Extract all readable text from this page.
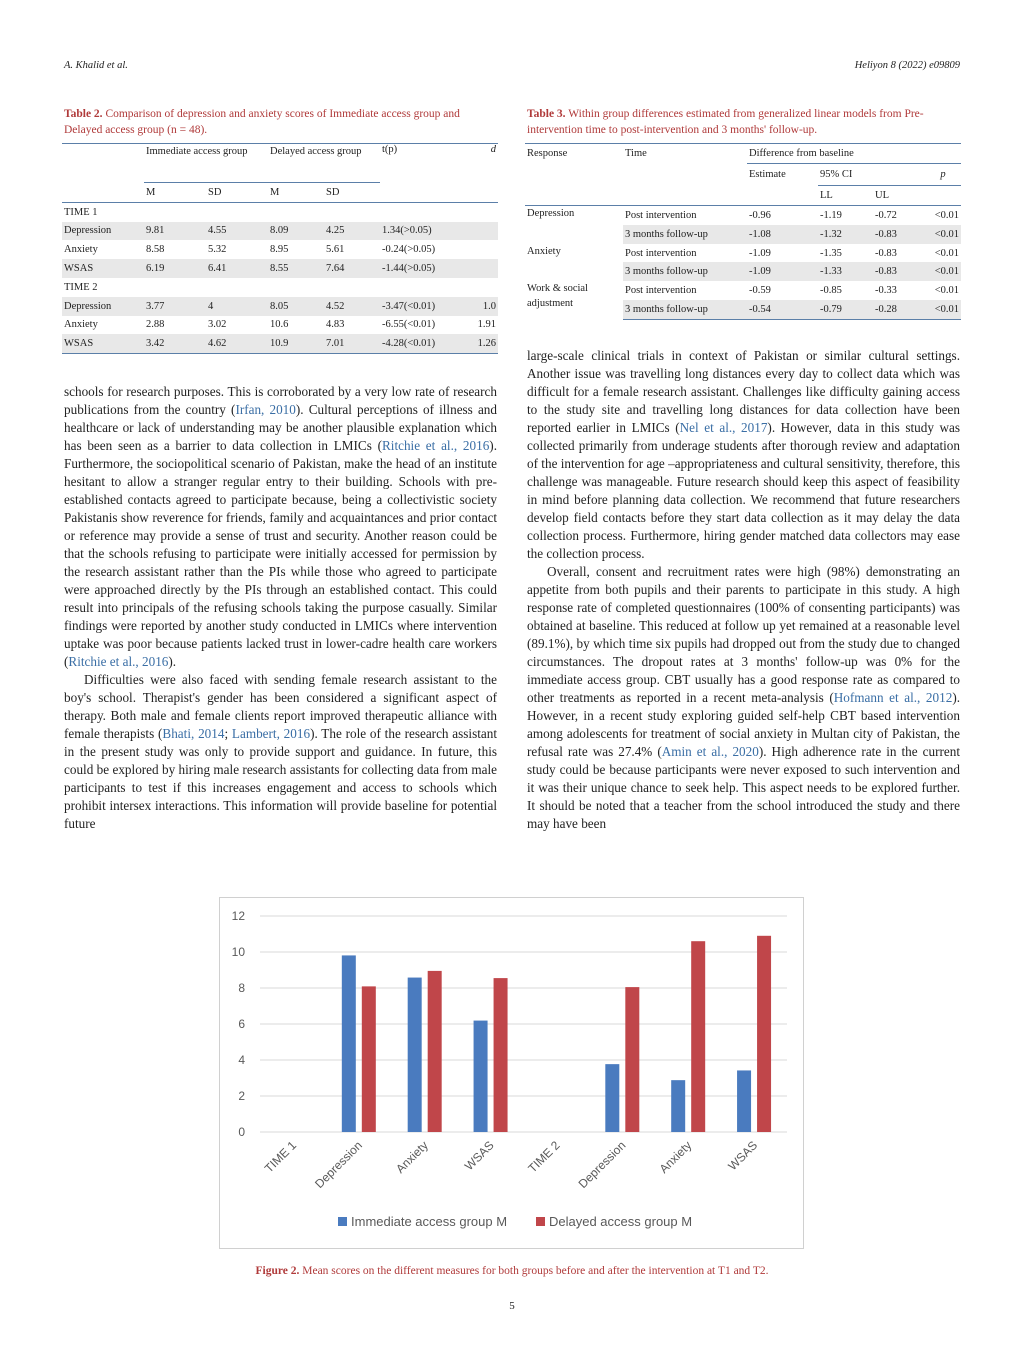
A. Khalid et al.	Heliyon 8 (2022) e09809
Table 2. Comparison of depression and anxiety scores of Immediate access group and Delayed access group (n = 48).
	Immediate access group		Delayed access group		t(p)	d
	M	SD	M	SD		
TIME 1						
Depression	9.81	4.55	8.09	4.25	1.34(>0.05)	
Anxiety	8.58	5.32	8.95	5.61	-0.24(>0.05)	
WSAS	6.19	6.41	8.55	7.64	-1.44(>0.05)	
TIME 2						
Depression	3.77	4	8.05	4.52	-3.47(<0.01)	1.0
Anxiety	2.88	3.02	10.6	4.83	-6.55(<0.01)	1.91
WSAS	3.42	4.62	10.9	7.01	-4.28(<0.01)	1.26
Table 3. Within group differences estimated from generalized linear models from Pre-intervention time to post-intervention and 3 months' follow-up.
Response	Time	Difference from baseline			
		Estimate	95% CI		p
			LL	UL	
Depression	Post intervention	-0.96	-1.19	-0.72	<0.01
	3 months follow-up	-1.08	-1.32	-0.83	<0.01
Anxiety	Post intervention	-1.09	-1.35	-0.83	<0.01
	3 months follow-up	-1.09	-1.33	-0.83	<0.01
Work & social adjustment	Post intervention	-0.59	-0.85	-0.33	<0.01
	3 months follow-up	-0.54	-0.79	-0.28	<0.01

schools for research purposes. This is corroborated by a very low rate of research publications from the country (Irfan, 2010). Cultural perceptions of illness and healthcare or lack of understanding may be another plausible explanation which has been seen as a barrier to data collection in LMICs (Ritchie et al., 2016). Furthermore, the sociopolitical scenario of Pakistan, make the head of an institute hesitant to allow a stranger regular entry to their building. Schools with pre-established contacts agreed to participate because, being a collectivistic society Pakistanis show reverence for friends, family and acquaintances and prior contact or reference may provide a sense of trust and security. Another reason could be that the schools refusing to participate were initially accessed for permission by the research assistant rather than the PIs while those who agreed to participate were approached directly by the PIs through an established contact. This could result into principals of the refusing schools taking the purpose casually. Similar findings were reported by another study conducted in LMICs where intervention uptake was poor because patients lacked trust in lower-cadre health care workers (Ritchie et al., 2016).

Difficulties were also faced with sending female research assistant to the boy's school. Therapist's gender has been considered a significant aspect of therapy. Both male and female clients report improved therapeutic alliance with female therapists (Bhati, 2014; Lambert, 2016). The role of the research assistant in the present study was only to provide support and guidance. In future, this could be explored by hiring male research assistants for collecting data from male participants to test if this increases engagement and access to schools which prohibit intersex interactions. This information will provide baseline for potential future

large-scale clinical trials in context of Pakistan or similar cultural settings. Another issue was travelling long distances every day to collect data which was difficult for a female research assistant. Challenges like difficulty gaining access to the study site and travelling long distances for data collection have been reported earlier in LMICs (Nel et al., 2017). However, data in this study was collected primarily from underage students after thorough review and adaptation of the intervention for age –appropriateness and cultural sensitivity, therefore, this challenge was manageable. Future research should keep this aspect of feasibility in mind before planning data collection. We recommend that future researchers develop field contacts before they start data collection as it may delay the data collection process. Furthermore, hiring gender matched data collectors may ease the collection process.

Overall, consent and recruitment rates were high (98%) demonstrating an appetite from both pupils and their parents to participate in this study. A high response rate of completed questionnaires (100% of consenting participants) was obtained at baseline. This reduced at follow up yet remained at a reasonable level (89.1%), by which time six pupils had dropped out from the study due to changed circumstances. The dropout rates at 3 months' follow-up was 0% for the immediate access group. CBT usually has a good response rate as compared to other treatments as reported in a recent meta-analysis (Hofmann et al., 2012). However, in a recent study exploring guided self-help CBT based intervention among adolescents for treatment of social anxiety in Multan city of Pakistan, the refusal rate was 27.4% (Amin et al., 2020). High adherence rate in the current study could be because participants were never exposed to such intervention and it was their unique chance to seek help. This aspect needs to be explored further. It should be noted that a teacher from the school introduced the study and there may have been

0
2
4
6
8
10
12
TIME 1 Depression Anxiety	WSAS TIME 2 Depression Anxiety	WSAS
Immediate access group M	Delayed access group M
Figure 2. Mean scores on the different measures for both groups before and after the intervention at T1 and T2.
5
